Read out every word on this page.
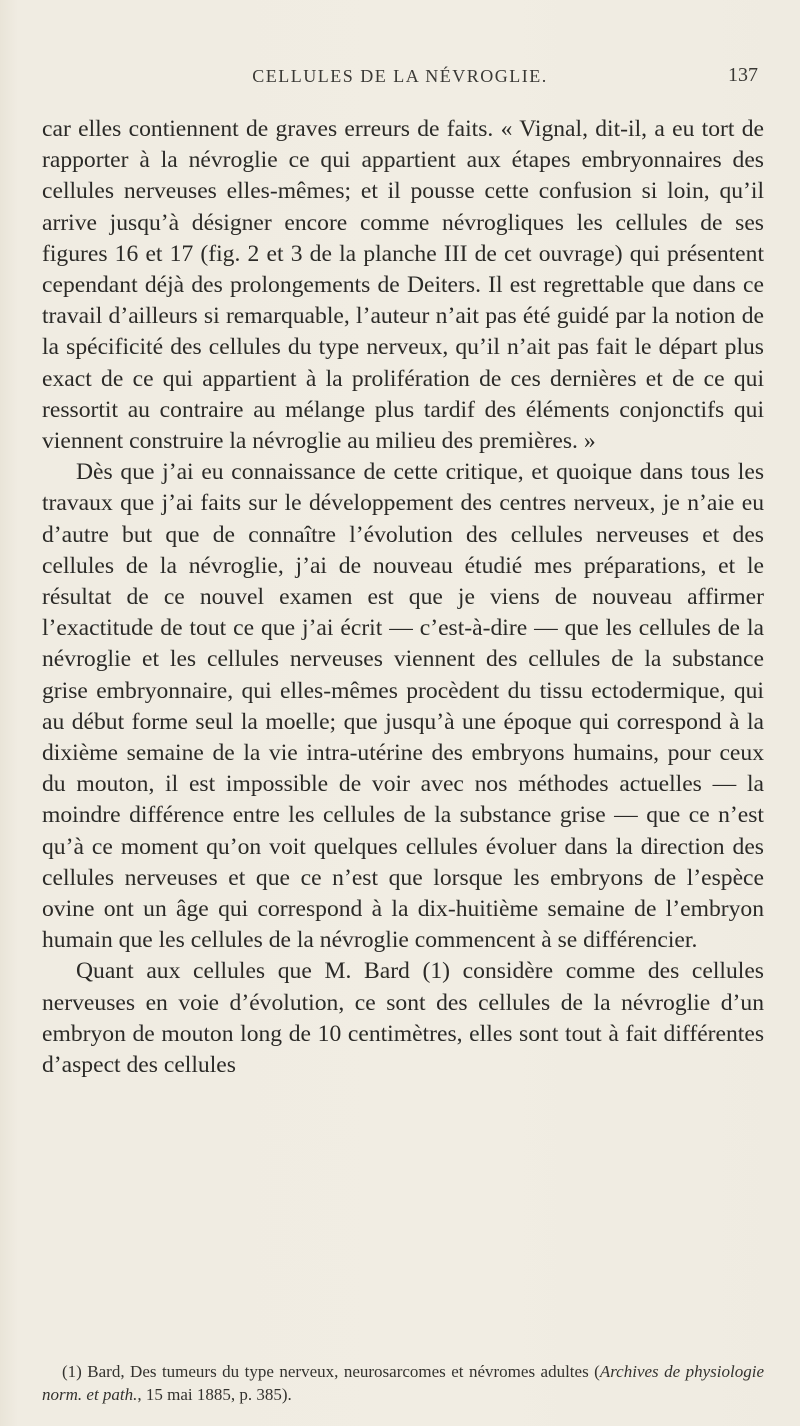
CELLULES DE LA NÉVROGLIE.	137

car elles contiennent de graves erreurs de faits. « Vignal, dit-il, a eu tort de rapporter à la névroglie ce qui appartient aux étapes embryonnaires des cellules nerveuses elles-mêmes; et il pousse cette confusion si loin, qu’il arrive jusqu’à désigner encore comme névrogliques les cellules de ses figures 16 et 17 (fig. 2 et 3 de la planche III de cet ouvrage) qui présentent cependant déjà des prolongements de Deiters. Il est regrettable que dans ce travail d’ailleurs si remarquable, l’auteur n’ait pas été guidé par la notion de la spécificité des cellules du type nerveux, qu’il n’ait pas fait le départ plus exact de ce qui appartient à la prolifération de ces dernières et de ce qui ressortit au contraire au mélange plus tardif des éléments conjonctifs qui viennent construire la névroglie au milieu des premières. »

Dès que j’ai eu connaissance de cette critique, et quoique dans tous les travaux que j’ai faits sur le développement des centres nerveux, je n’aie eu d’autre but que de connaître l’évolution des cellules nerveuses et des cellules de la névroglie, j’ai de nouveau étudié mes préparations, et le résultat de ce nouvel examen est que je viens de nouveau affirmer l’exactitude de tout ce que j’ai écrit — c’est-à-dire — que les cellules de la névroglie et les cellules nerveuses viennent des cellules de la substance grise embryonnaire, qui elles-mêmes procèdent du tissu ectodermique, qui au début forme seul la moelle; que jusqu’à une époque qui correspond à la dixième semaine de la vie intra-utérine des embryons humains, pour ceux du mouton, il est impossible de voir avec nos méthodes actuelles — la moindre différence entre les cellules de la substance grise — que ce n’est qu’à ce moment qu’on voit quelques cellules évoluer dans la direction des cellules nerveuses et que ce n’est que lorsque les embryons de l’espèce ovine ont un âge qui correspond à la dix-huitième semaine de l’embryon humain que les cellules de la névroglie commencent à se différencier.

Quant aux cellules que M. Bard (1) considère comme des cellules nerveuses en voie d’évolution, ce sont des cellules de la névroglie d’un embryon de mouton long de 10 centimètres, elles sont tout à fait différentes d’aspect des cellules

(1) Bard, Des tumeurs du type nerveux, neurosarcomes et névromes adultes (Archives de physiologie norm. et path., 15 mai 1885, p. 385).
